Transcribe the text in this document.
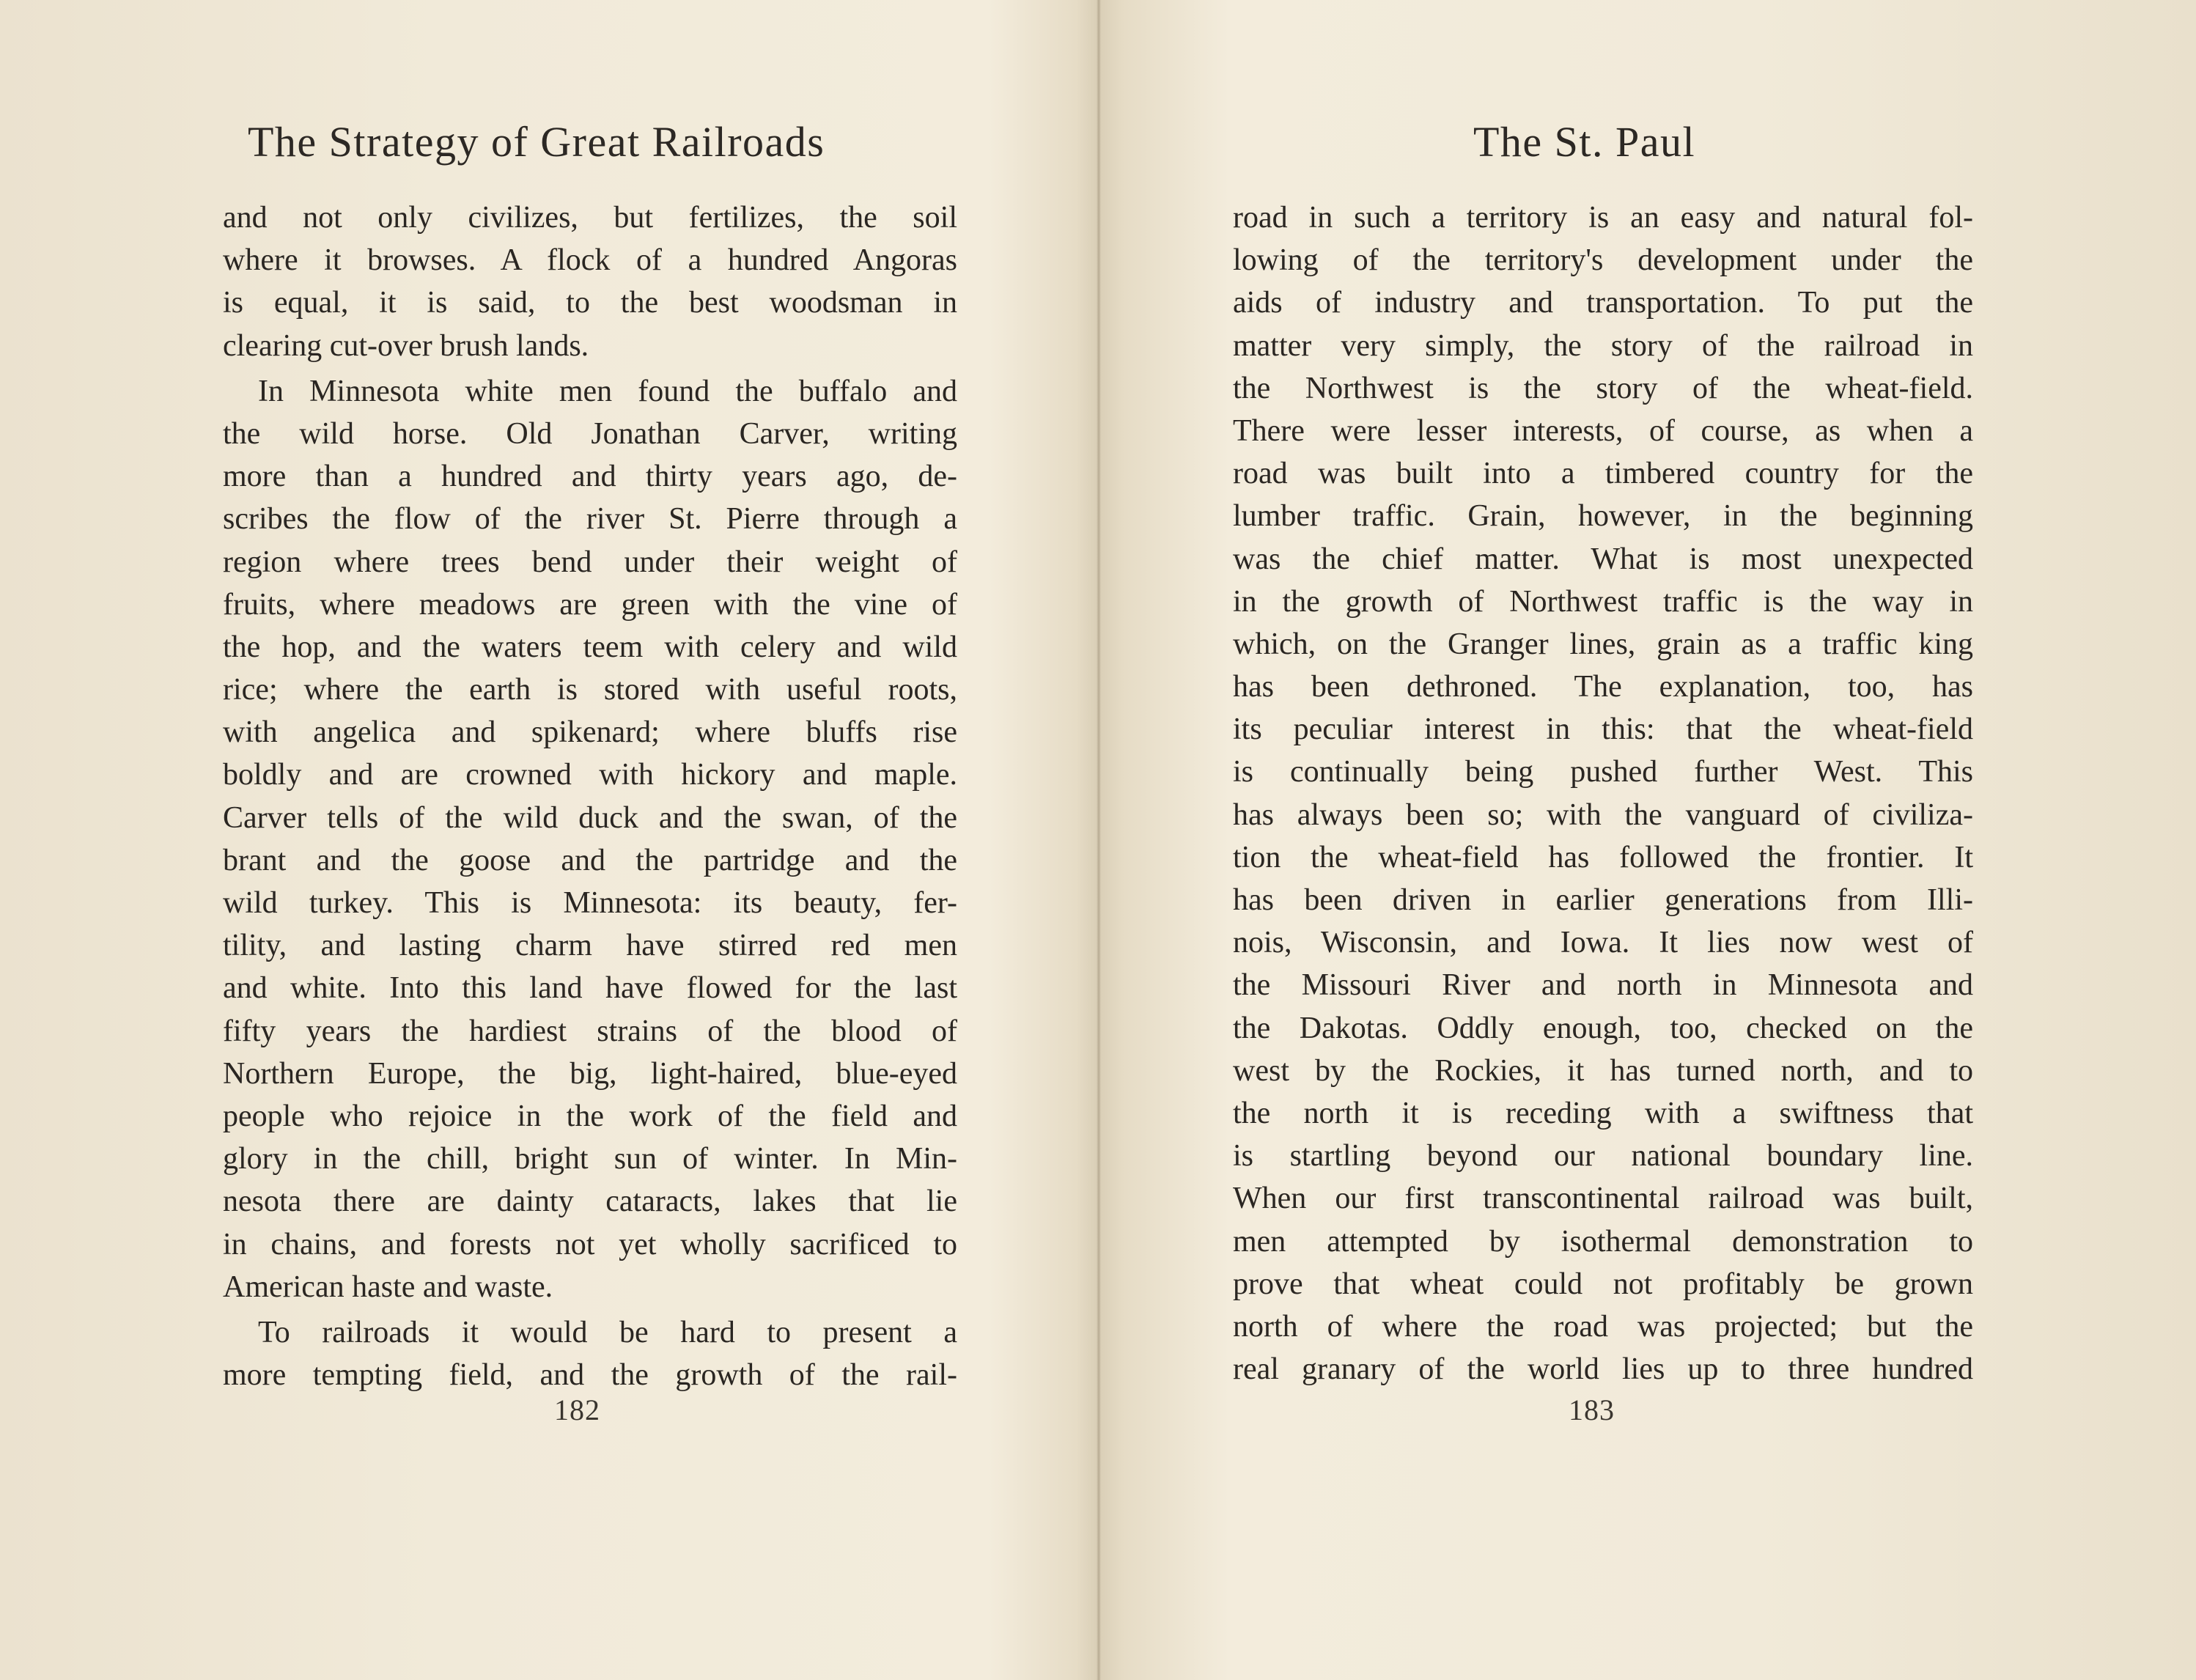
The Strategy of Great Railroads
and not only civilizes, but fertilizes, the soil
where it browses. A flock of a hundred Angoras
is equal, it is said, to the best woodsman in
clearing cut-over brush lands.
In Minnesota white men found the buffalo and
the wild horse. Old Jonathan Carver, writing
more than a hundred and thirty years ago, de-
scribes the flow of the river St. Pierre through a
region where trees bend under their weight of
fruits, where meadows are green with the vine of
the hop, and the waters teem with celery and wild
rice; where the earth is stored with useful roots,
with angelica and spikenard; where bluffs rise
boldly and are crowned with hickory and maple.
Carver tells of the wild duck and the swan, of the
brant and the goose and the partridge and the
wild turkey. This is Minnesota: its beauty, fer-
tility, and lasting charm have stirred red men
and white. Into this land have flowed for the last
fifty years the hardiest strains of the blood of
Northern Europe, the big, light-haired, blue-eyed
people who rejoice in the work of the field and
glory in the chill, bright sun of winter. In Min-
nesota there are dainty cataracts, lakes that lie
in chains, and forests not yet wholly sacrificed to
American haste and waste.
To railroads it would be hard to present a
more tempting field, and the growth of the rail-
182
The St. Paul
road in such a territory is an easy and natural fol-
lowing of the territory's development under the
aids of industry and transportation. To put the
matter very simply, the story of the railroad in
the Northwest is the story of the wheat-field.
There were lesser interests, of course, as when a
road was built into a timbered country for the
lumber traffic. Grain, however, in the beginning
was the chief matter. What is most unexpected
in the growth of Northwest traffic is the way in
which, on the Granger lines, grain as a traffic king
has been dethroned. The explanation, too, has
its peculiar interest in this: that the wheat-field
is continually being pushed further West. This
has always been so; with the vanguard of civiliza-
tion the wheat-field has followed the frontier. It
has been driven in earlier generations from Illi-
nois, Wisconsin, and Iowa. It lies now west of
the Missouri River and north in Minnesota and
the Dakotas. Oddly enough, too, checked on the
west by the Rockies, it has turned north, and to
the north it is receding with a swiftness that
is startling beyond our national boundary line.
When our first transcontinental railroad was built,
men attempted by isothermal demonstration to
prove that wheat could not profitably be grown
north of where the road was projected; but the
real granary of the world lies up to three hundred
183
